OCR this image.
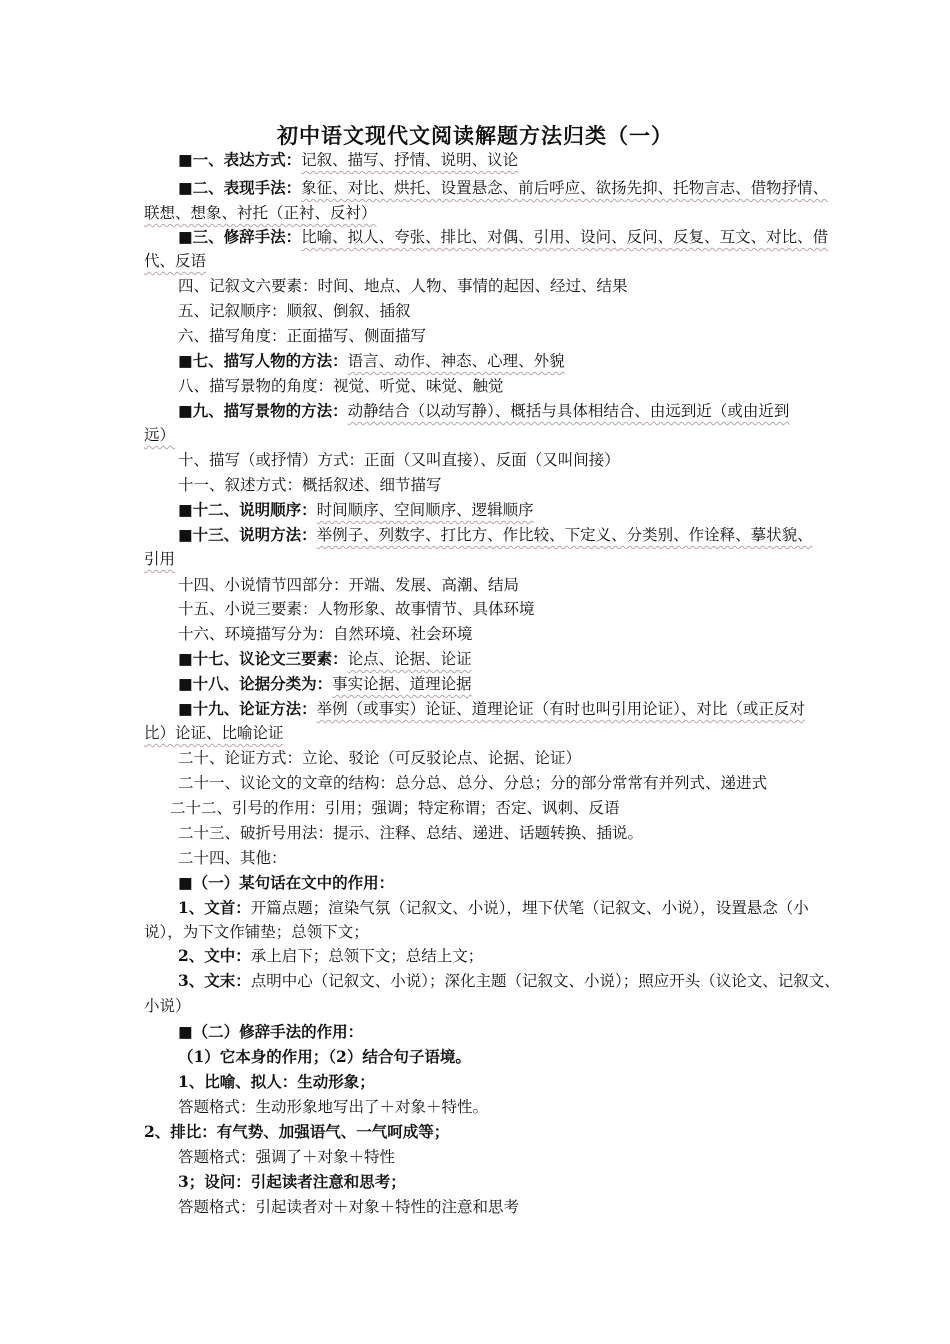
初中语文现代文阅读解题方法归类（一）
■一、表达方式：记叙、描写、抒情、说明、议论
■二、表现手法：象征、对比、烘托、设置悬念、前后呼应、欲扬先抑、托物言志、借物抒情、
联想、想象、衬托（正衬、反衬）
■三、修辞手法：比喻、拟人、夸张、排比、对偶、引用、设问、反问、反复、互文、对比、借
代、反语
四、记叙文六要素：时间、地点、人物、事情的起因、经过、结果
五、记叙顺序：顺叙、倒叙、插叙
六、描写角度：正面描写、侧面描写
■七、描写人物的方法：语言、动作、神态、心理、外貌
八、描写景物的角度：视觉、听觉、味觉、触觉
■九、描写景物的方法：动静结合（以动写静）、概括与具体相结合、由远到近（或由近到
远）
十、描写（或抒情）方式：正面（又叫直接）、反面（又叫间接）
十一、叙述方式：概括叙述、细节描写
■十二、说明顺序：时间顺序、空间顺序、逻辑顺序
■十三、说明方法：举例子、列数字、打比方、作比较、下定义、分类别、作诠释、摹状貌、
引用
十四、小说情节四部分：开端、发展、高潮、结局
十五、小说三要素：人物形象、故事情节、具体环境
十六、环境描写分为：自然环境、社会环境
■十七、议论文三要素：论点、论据、论证
■十八、论据分类为：事实论据、道理论据
■十九、论证方法：举例（或事实）论证、道理论证（有时也叫引用论证）、对比（或正反对
比）论证、比喻论证
二十、论证方式：立论、驳论（可反驳论点、论据、论证）
二十一、议论文的文章的结构：总分总、总分、分总；分的部分常常有并列式、递进式
二十二、引号的作用：引用；强调；特定称谓；否定、讽刺、反语
二十三、破折号用法：提示、注释、总结、递进、话题转换、插说。
二十四、其他：
■（一）某句话在文中的作用：
1、文首：开篇点题；渲染气氛（记叙文、小说），埋下伏笔（记叙文、小说），设置悬念（小
说），为下文作铺垫；总领下文；
2、文中：承上启下；总领下文；总结上文；
3、文末：点明中心（记叙文、小说）；深化主题（记叙文、小说）；照应开头（议论文、记叙文、
小说）
■（二）修辞手法的作用：
（1）它本身的作用；（2）结合句子语境。
1、比喻、拟人：生动形象；
答题格式：生动形象地写出了＋对象＋特性。
2、排比：有气势、加强语气、一气呵成等；
答题格式：强调了＋对象＋特性
3；设问：引起读者注意和思考；
答题格式：引起读者对＋对象＋特性的注意和思考
